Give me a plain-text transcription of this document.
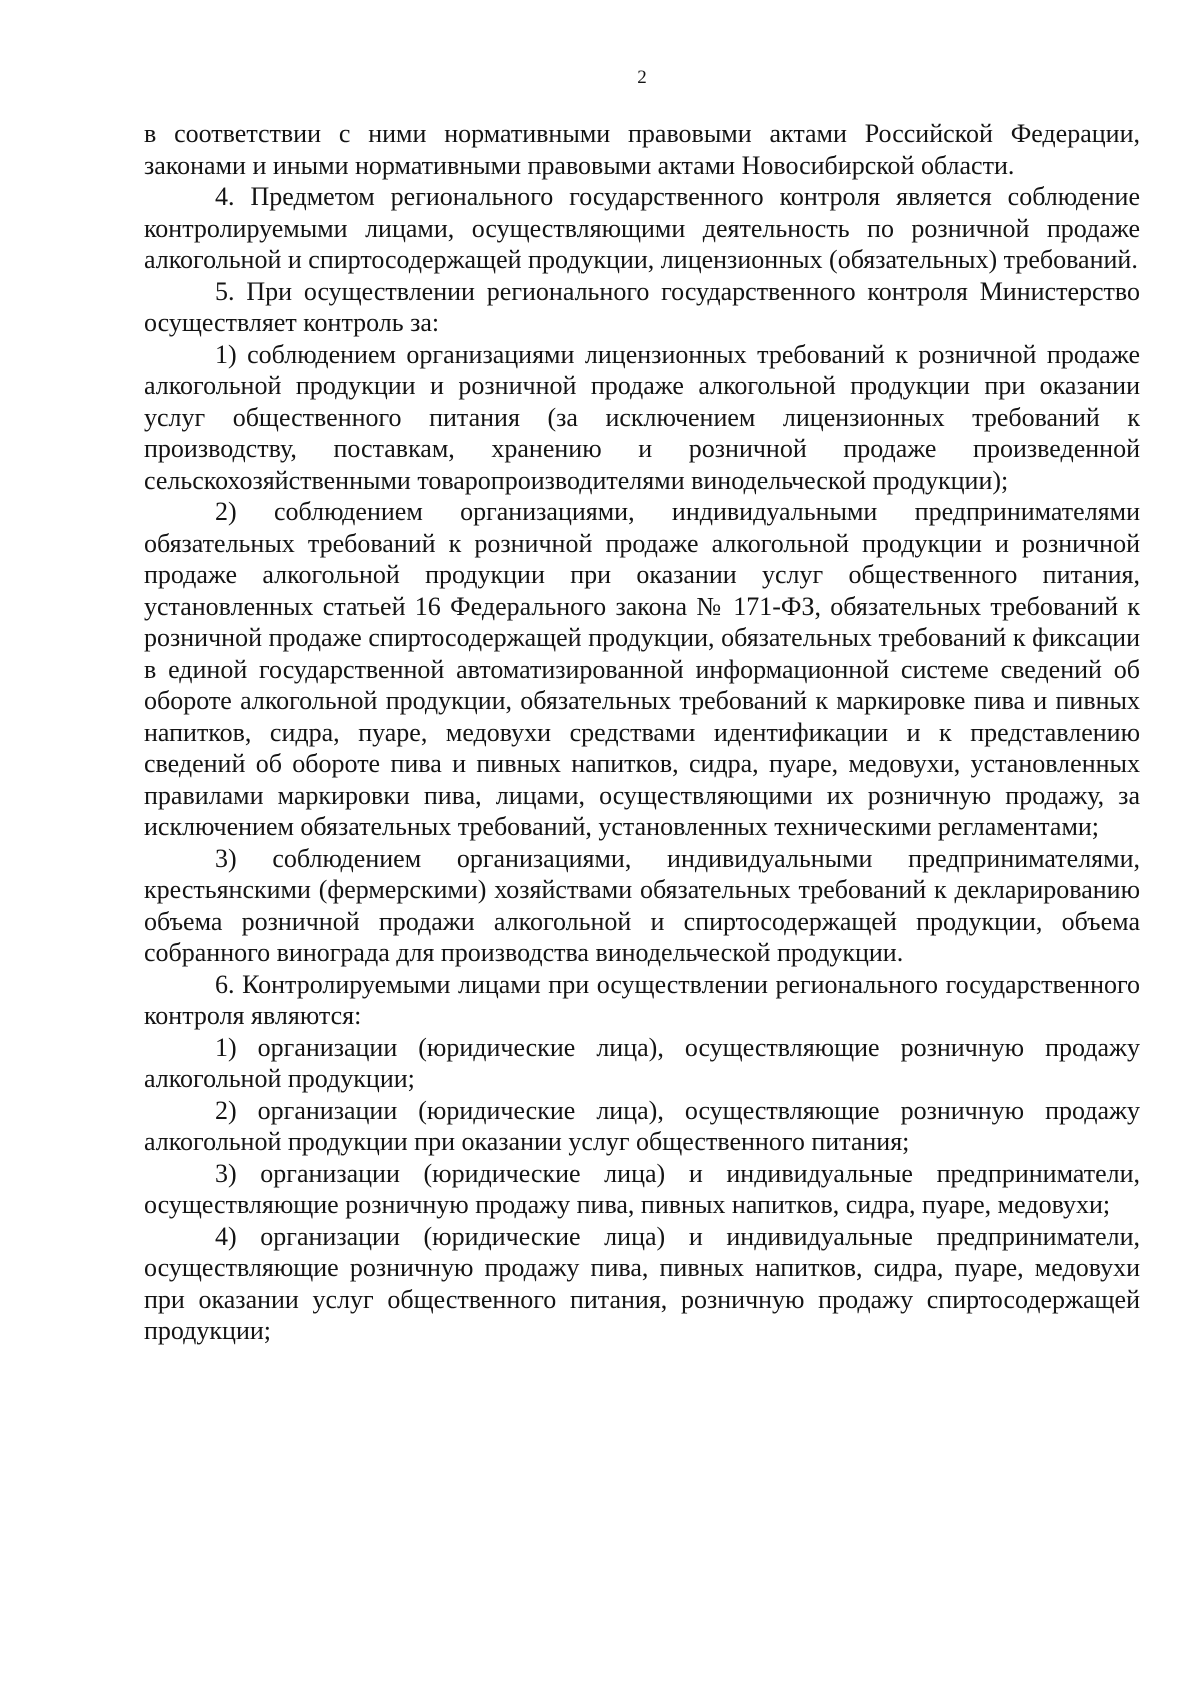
2

в соответствии с ними нормативными правовыми актами Российской Федерации, законами и иными нормативными правовыми актами Новосибирской области.

4. Предметом регионального государственного контроля является соблюдение контролируемыми лицами, осуществляющими деятельность по розничной продаже алкогольной и спиртосодержащей продукции, лицензионных (обязательных) требований.

5. При осуществлении регионального государственного контроля Министерство осуществляет контроль за:

1) соблюдением организациями лицензионных требований к розничной продаже алкогольной продукции и розничной продаже алкогольной продукции при оказании услуг общественного питания (за исключением лицензионных требований к производству, поставкам, хранению и розничной продаже произведенной сельскохозяйственными товаропроизводителями винодельческой продукции);

2) соблюдением организациями, индивидуальными предпринимателями обязательных требований к розничной продаже алкогольной продукции и розничной продаже алкогольной продукции при оказании услуг общественного питания, установленных статьей 16 Федерального закона № 171-ФЗ, обязательных требований к розничной продаже спиртосодержащей продукции, обязательных требований к фиксации в единой государственной автоматизированной информационной системе сведений об обороте алкогольной продукции, обязательных требований к маркировке пива и пивных напитков, сидра, пуаре, медовухи средствами идентификации и к представлению сведений об обороте пива и пивных напитков, сидра, пуаре, медовухи, установленных правилами маркировки пива, лицами, осуществляющими их розничную продажу, за исключением обязательных требований, установленных техническими регламентами;

3) соблюдением организациями, индивидуальными предпринимателями, крестьянскими (фермерскими) хозяйствами обязательных требований к декларированию объема розничной продажи алкогольной и спиртосодержащей продукции, объема собранного винограда для производства винодельческой продукции.

6. Контролируемыми лицами при осуществлении регионального государственного контроля являются:

1) организации (юридические лица), осуществляющие розничную продажу алкогольной продукции;

2) организации (юридические лица), осуществляющие розничную продажу алкогольной продукции при оказании услуг общественного питания;

3) организации (юридические лица) и индивидуальные предприниматели, осуществляющие розничную продажу пива, пивных напитков, сидра, пуаре, медовухи;

4) организации (юридические лица) и индивидуальные предприниматели, осуществляющие розничную продажу пива, пивных напитков, сидра, пуаре, медовухи при оказании услуг общественного питания, розничную продажу спиртосодержащей продукции;
